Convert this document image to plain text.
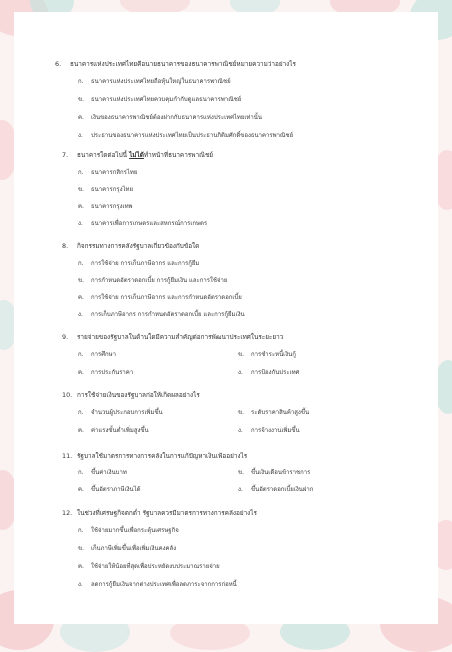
6. ธนาคารแห่งประเทศไทยคือนายธนาคารของธนาคารพาณิชย์หมายความว่าอย่างไร
ก. ธนาคารแห่งประเทศไทยถือหุ้นใหญ่ในธนาคารพาณิชย์
ข. ธนาคารแห่งประเทศไทยควบคุมกำกับดูแลธนาคารพาณิชย์
ค. เงินของธนาคารพาณิชย์ต้องฝากกับธนาคารแห่งประเทศไทยเท่านั้น
ง. ประธานของธนาคารแห่งประเทศไทยเป็นประธานกิติมศักดิ์ของธนาคารพาณิชย์
7. ธนาคารใดต่อไปนี้ ไม่ได้ทำหน้าที่ธนาคารพาณิชย์
ก. ธนาคารกสิกรไทย
ข. ธนาคารกรุงไทย
ค. ธนาคารกรุงเทพ
ง. ธนาคารเพื่อการเกษตรและสหกรณ์การเกษตร
8. กิจกรรมทางการคลังรัฐบาลเกี่ยวข้องกับข้อใด
ก. การใช้จ่าย การเก็บภาษีอากร และการกู้ยืม
ข. การกำหนดอัตราดอกเบี้ย การกู้ยืมเงิน และการใช้จ่าย
ค. การใช้จ่าย การเก็บภาษีอากร และการกำหนดอัตราดอกเบี้ย
ง. การเก็บภาษีอากร การกำหนดอัตราดอกเบี้ย และการกู้ยืมเงิน
9. รายจ่ายของรัฐบาลในด้านใดมีความสำคัญต่อการพัฒนาประเทศในระยะยาว
ก. การศึกษา	ข. การชำระหนี้เงินกู้
ค. การประกันราคา	ง. การป้องกันประเทศ
10. การใช้จ่ายเงินของรัฐบาลก่อให้เกิดผลอย่างไร
ก. จำนวนผู้ประกอบการเพิ่มขึ้น	ข. ระดับราคาสินค้าสูงขึ้น
ค. ค่าแรงขั้นต่ำเพิ่มสูงขึ้น	ง. การจ้างงานเพิ่มขึ้น
11. รัฐบาลใช้มาตรการทางการคลังในการแก้ปัญหาเงินเฟ้ออย่างไร
ก. ขึ้นค่าเงินบาท	ข. ขึ้นเงินเดือนข้าราชการ
ค. ขึ้นอัตราภาษีเงินได้	ง. ขึ้นอัตราดอกเบี้ยเงินฝาก
12. ในช่วงที่เศรษฐกิจตกต่ำ รัฐบาลควรมีมาตรการทางการคลังอย่างไร
ก. ใช้จ่ายมากขึ้นเพื่อกระตุ้นเศรษฐกิจ
ข. เก็บภาษีเพิ่มขึ้นเพื่อเพิ่มเงินคงคลัง
ค. ใช้จ่ายให้น้อยที่สุดเพื่อประหยัดงบประมาณรายจ่าย
ง. ลดการกู้ยืมเงินจากต่างประเทศเพื่อลดภาระจากการก่อหนี้
